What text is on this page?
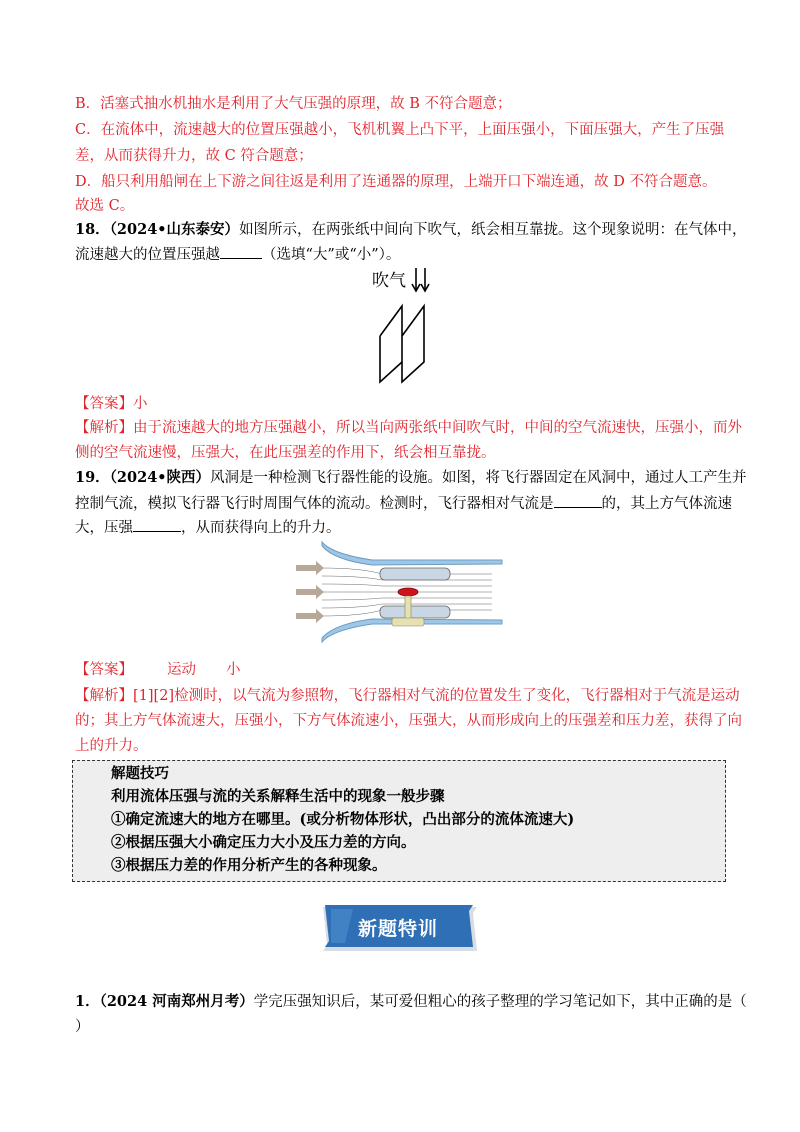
B．活塞式抽水机抽水是利用了大气压强的原理，故 B 不符合题意；
C．在流体中，流速越大的位置压强越小，飞机机翼上凸下平，上面压强小，下面压强大，产生了压强
差，从而获得升力，故 C 符合题意；
D．船只利用船闸在上下游之间往返是利用了连通器的原理，上端开口下端连通，故 D 不符合题意。
故选 C。
18．（2024•山东泰安）如图所示，在两张纸中间向下吹气，纸会相互靠拢。这个现象说明：在气体中，
流速越大的位置压强越	（选填“大”或“小”）。
吹气
【答案】小
【解析】由于流速越大的地方压强越小，所以当向两张纸中间吹气时，中间的空气流速快，压强小，而外
侧的空气流速慢，压强大，在此压强差的作用下，纸会相互靠拢。
19．（2024•陕西）风洞是一种检测飞行器性能的设施。如图，将飞行器固定在风洞中，通过人工产生并
控制气流，模拟飞行器飞行时周围气体的流动。检测时，飞行器相对气流是	的，其上方气体流速
大，压强	，从而获得向上的升力。
【答案】 运动 小
【解析】[1][2]检测时，以气流为参照物，飞行器相对气流的位置发生了变化，飞行器相对于气流是运动
的；其上方气体流速大，压强小，下方气体流速小，压强大，从而形成向上的压强差和压力差，获得了向
上的升力。
解题技巧
利用流体压强与流的关系解释生活中的现象一般步骤
①确定流速大的地方在哪里。(或分析物体形状，凸出部分的流体流速大)
②根据压强大小确定压力大小及压力差的方向。
③根据压力差的作用分析产生的各种现象。
新题特训
1．（2024 河南郑州月考）学完压强知识后，某可爱但粗心的孩子整理的学习笔记如下，其中正确的是（
）
